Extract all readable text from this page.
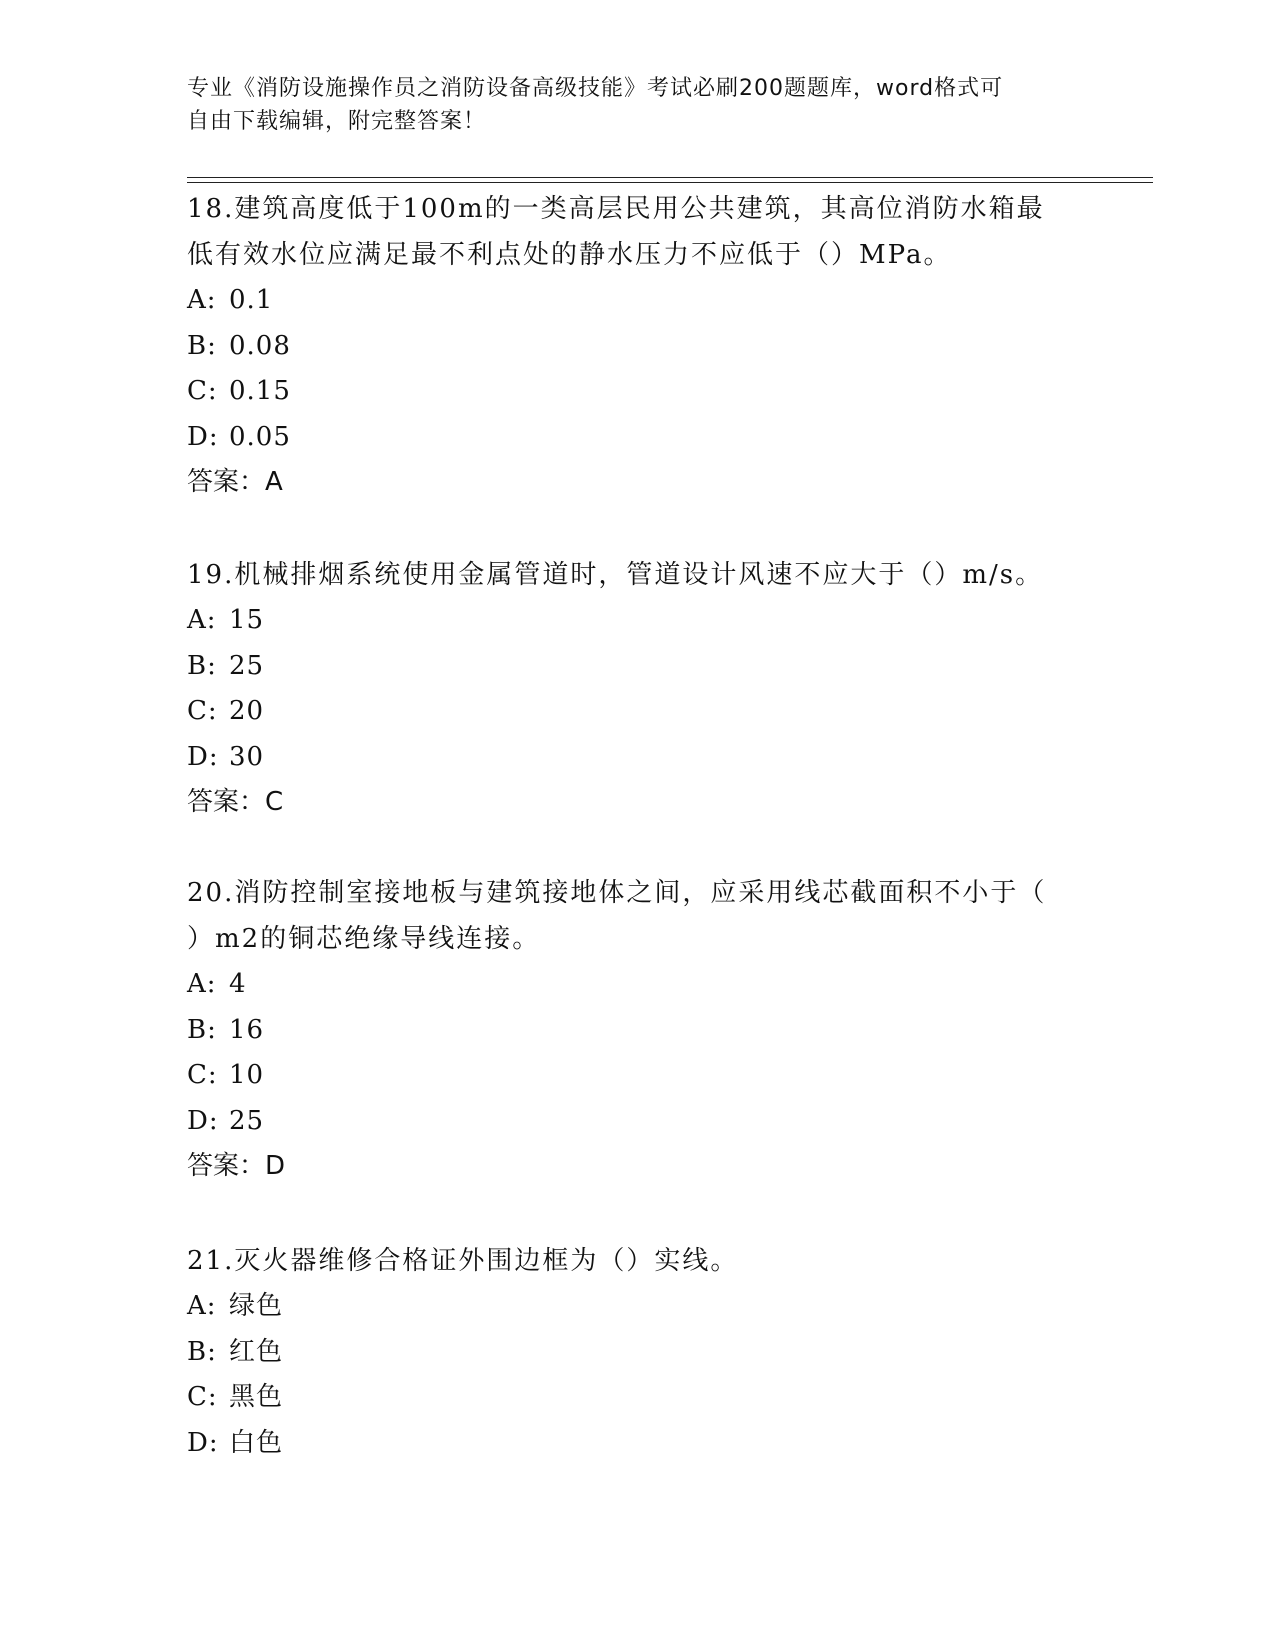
专业《消防设施操作员之消防设备高级技能》考试必刷200题题库，word格式可
自由下载编辑，附完整答案！

18.建筑高度低于100m的一类高层民用公共建筑，其高位消防水箱最

低有效水位应满足最不利点处的静水压力不应低于（）MPa。

A: 0.1

B: 0.08

C: 0.15

D: 0.05

答案：A

19.机械排烟系统使用金属管道时，管道设计风速不应大于（）m/s。

A: 15

B: 25

C: 20

D: 30

答案：C

20.消防控制室接地板与建筑接地体之间，应采用线芯截面积不小于（

）m2的铜芯绝缘导线连接。

A: 4

B: 16

C: 10

D: 25

答案：D

21.灭火器维修合格证外围边框为（）实线。

A: 绿色

B: 红色

C: 黑色

D: 白色
